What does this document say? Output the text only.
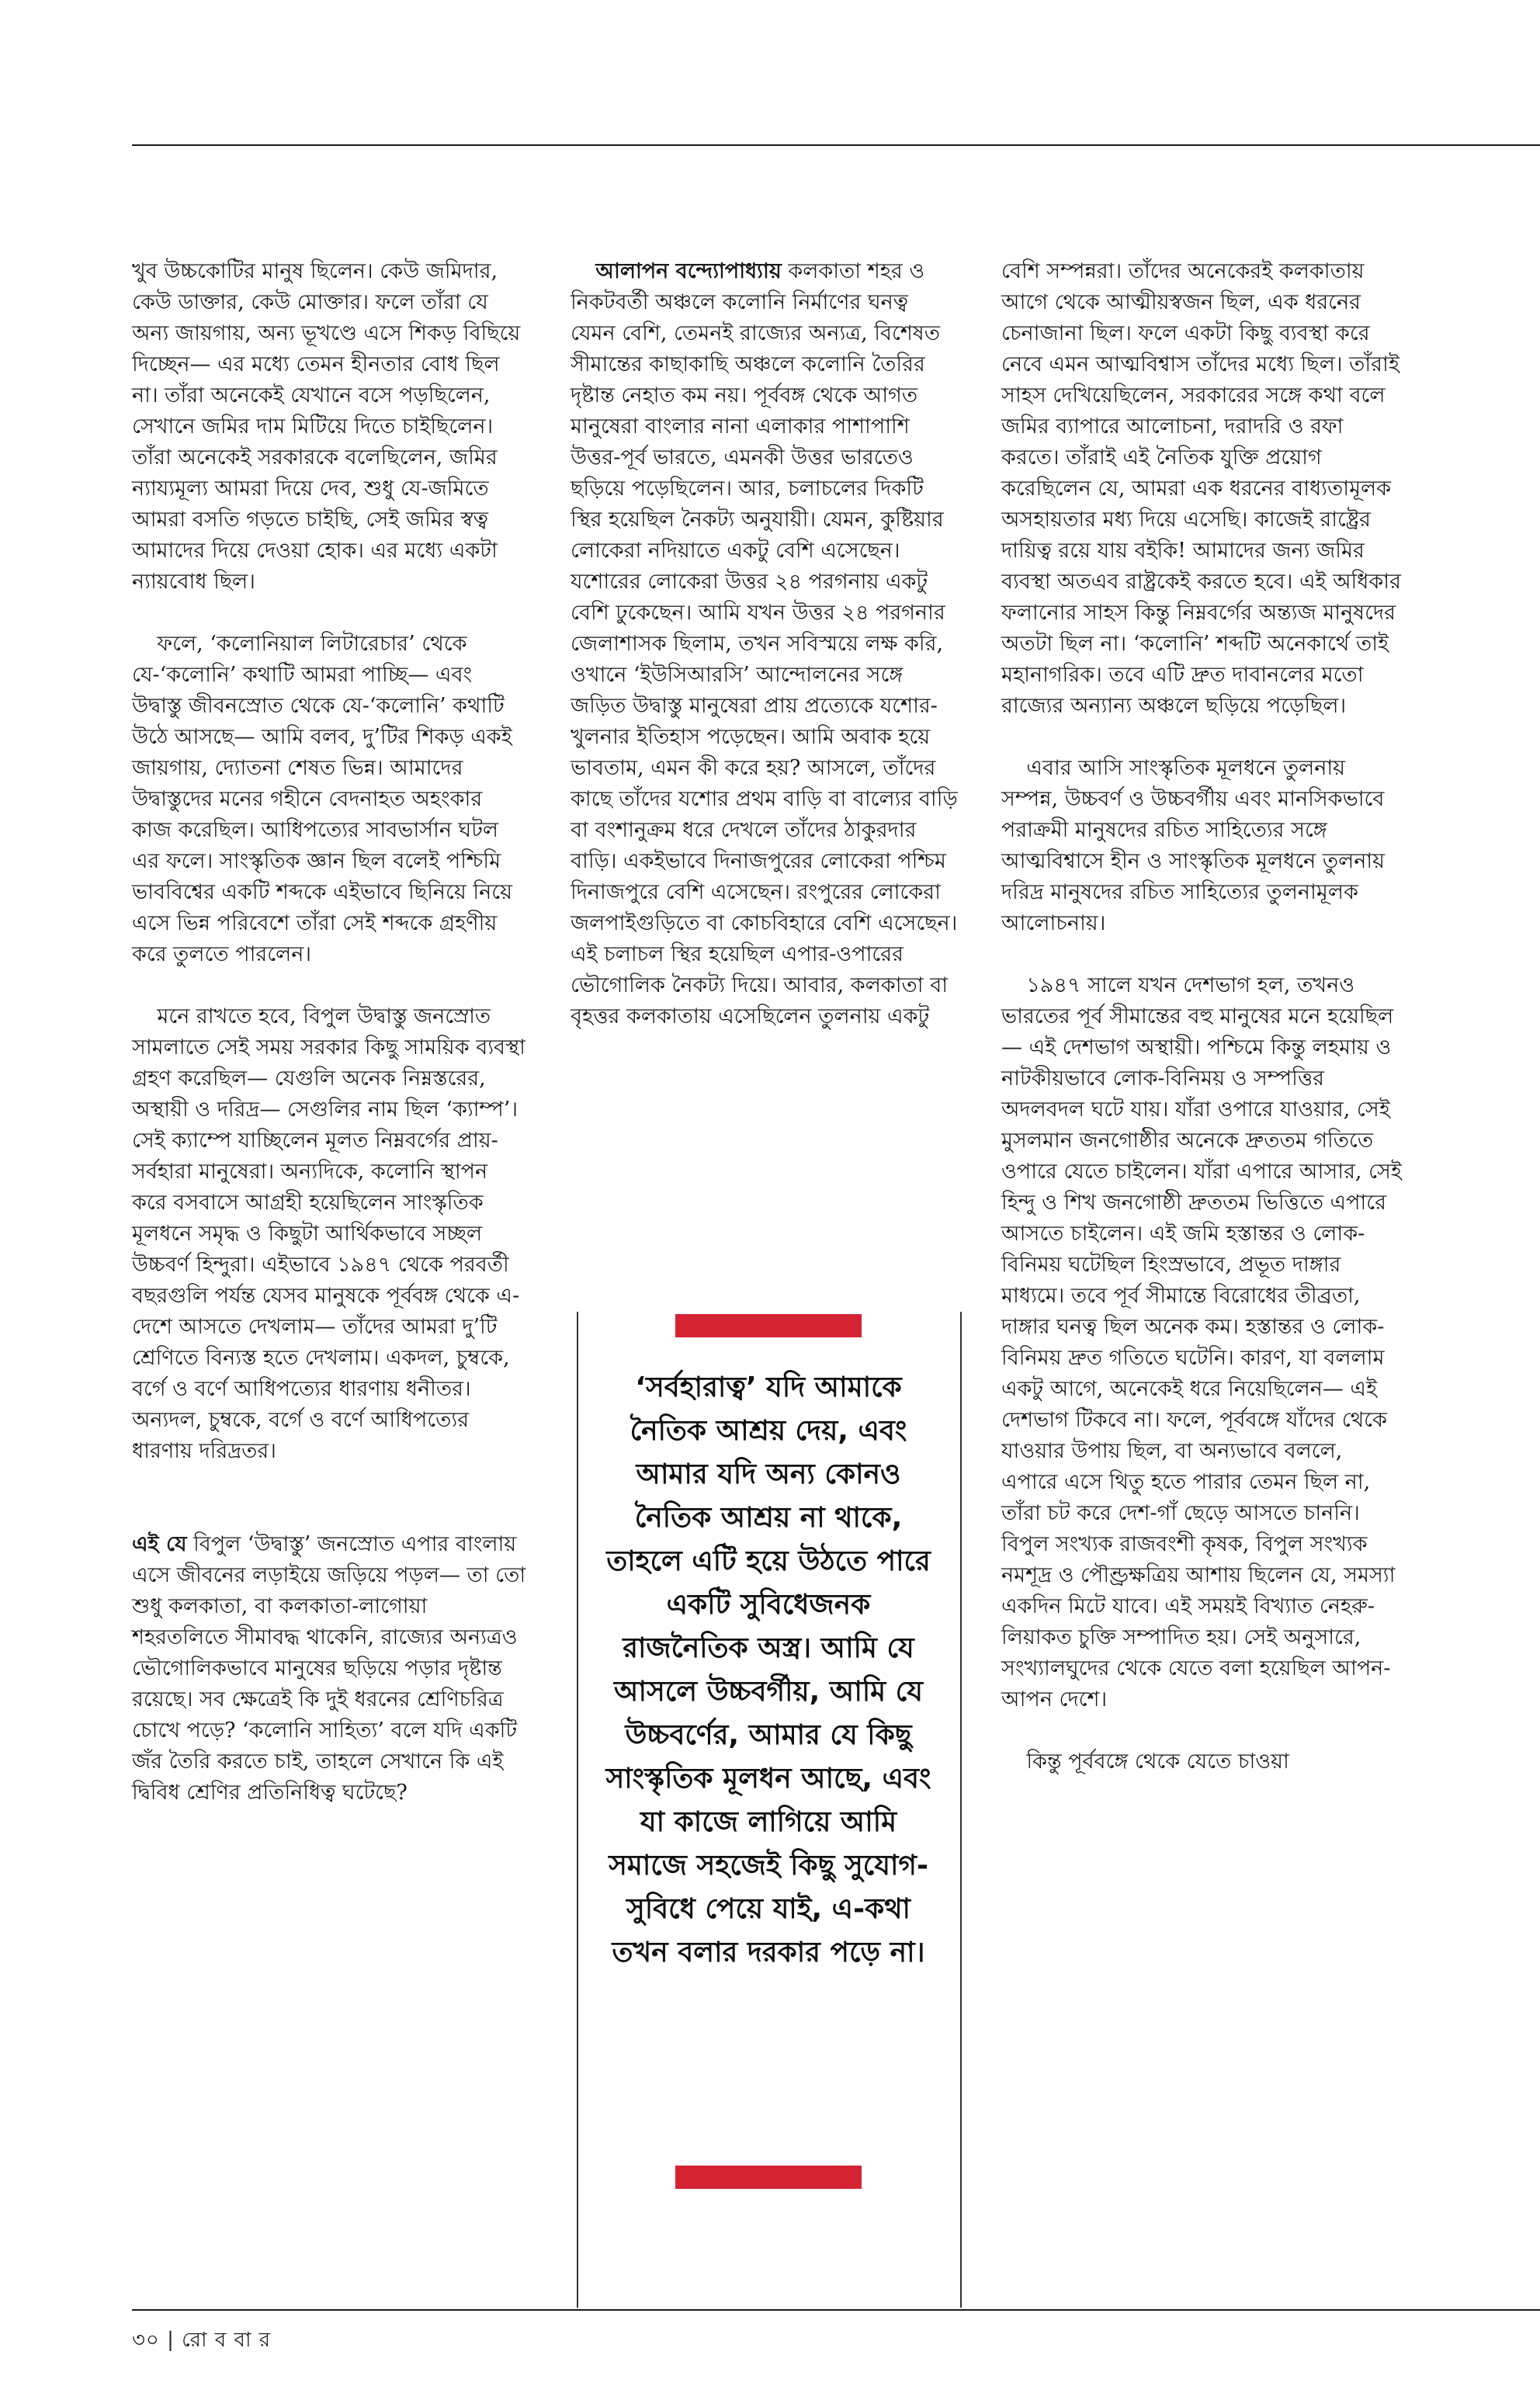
খুব উচ্চকোটির মানুষ ছিলেন। কেউ জমিদার, কেউ ডাক্তার, কেউ মোক্তার। ফলে তাঁরা যে অন্য জায়গায়, অন্য ভূখণ্ডে এসে শিকড় বিছিয়ে দিচ্ছেন— এর মধ্যে তেমন হীনতার বোধ ছিল না। তাঁরা অনেকেই যেখানে বসে পড়ছিলেন, সেখানে জমির দাম মিটিয়ে দিতে চাইছিলেন। তাঁরা অনেকেই সরকারকে বলেছিলেন, জমির ন্যায্যমূল্য আমরা দিয়ে দেব, শুধু যে-জমিতে আমরা বসতি গড়তে চাইছি, সেই জমির স্বত্ব আমাদের দিয়ে দেওয়া হোক। এর মধ্যে একটা ন্যায়বোধ ছিল।

ফলে, ‘কলোনিয়াল লিটারেচার’ থেকে যে-‘কলোনি’ কথাটি আমরা পাচ্ছি— এবং উদ্বাস্তু জীবনস্রোত থেকে যে-‘কলোনি’ কথাটি উঠে আসছে— আমি বলব, দু’টির শিকড় একই জায়গায়, দ্যোতনা শেষত ভিন্ন। আমাদের উদ্বাস্তুদের মনের গহীনে বেদনাহত অহংকার কাজ করেছিল। আধিপত্যের সাবভার্সান ঘটল এর ফলে। সাংস্কৃতিক জ্ঞান ছিল বলেই পশ্চিমি ভাববিশ্বের একটি শব্দকে এইভাবে ছিনিয়ে নিয়ে এসে ভিন্ন পরিবেশে তাঁরা সেই শব্দকে গ্রহণীয় করে তুলতে পারলেন।

মনে রাখতে হবে, বিপুল উদ্বাস্তু জনস্রোত সামলাতে সেই সময় সরকার কিছু সাময়িক ব্যবস্থা গ্রহণ করেছিল— যেগুলি অনেক নিম্নস্তরের, অস্থায়ী ও দরিদ্র— সেগুলির নাম ছিল ‘ক্যাম্প’। সেই ক্যাম্পে যাচ্ছিলেন মূলত নিম্নবর্গের প্রায়-সর্বহারা মানুষেরা। অন্যদিকে, কলোনি স্থাপন করে বসবাসে আগ্রহী হয়েছিলেন সাংস্কৃতিক মূলধনে সমৃদ্ধ ও কিছুটা আর্থিকভাবে সচ্ছল উচ্চবর্ণ হিন্দুরা। এইভাবে ১৯৪৭ থেকে পরবর্তী বছরগুলি পর্যন্ত যেসব মানুষকে পূর্ববঙ্গ থেকে এ-দেশে আসতে দেখলাম— তাঁদের আমরা দু’টি শ্রেণিতে বিন্যস্ত হতে দেখলাম। একদল, চুম্বকে, বর্গে ও বর্ণে আধিপত্যের ধারণায় ধনীতর। অন্যদল, চুম্বকে, বর্গে ও বর্ণে আধিপত্যের ধারণায় দরিদ্রতর।

এই যে বিপুল ‘উদ্বাস্তু’ জনস্রোত এপার বাংলায় এসে জীবনের লড়াইয়ে জড়িয়ে পড়ল— তা তো শুধু কলকাতা, বা কলকাতা-লাগোয়া শহরতলিতে সীমাবদ্ধ থাকেনি, রাজ্যের অন্যত্রও ভৌগোলিকভাবে মানুষের ছড়িয়ে পড়ার দৃষ্টান্ত রয়েছে। সব ক্ষেত্রেই কি দুই ধরনের শ্রেণিচরিত্র চোখে পড়ে? ‘কলোনি সাহিত্য’ বলে যদি একটি জঁর তৈরি করতে চাই, তাহলে সেখানে কি এই দ্বিবিধ শ্রেণির প্রতিনিধিত্ব ঘটেছে?

আলাপন বন্দ্যোপাধ্যায় কলকাতা শহর ও নিকটবর্তী অঞ্চলে কলোনি নির্মাণের ঘনত্ব যেমন বেশি, তেমনই রাজ্যের অন্যত্র, বিশেষত সীমান্তের কাছাকাছি অঞ্চলে কলোনি তৈরির দৃষ্টান্ত নেহাত কম নয়। পূর্ববঙ্গ থেকে আগত মানুষেরা বাংলার নানা এলাকার পাশাপাশি উত্তর-পূর্ব ভারতে, এমনকী উত্তর ভারতেও ছড়িয়ে পড়েছিলেন। আর, চলাচলের দিকটি স্থির হয়েছিল নৈকট্য অনুযায়ী। যেমন, কুষ্টিয়ার লোকেরা নদিয়াতে একটু বেশি এসেছেন। যশোরের লোকেরা উত্তর ২৪ পরগনায় একটু বেশি ঢুকেছেন। আমি যখন উত্তর ২৪ পরগনার জেলাশাসক ছিলাম, তখন সবিস্ময়ে লক্ষ করি, ওখানে ‘ইউসিআরসি’ আন্দোলনের সঙ্গে জড়িত উদ্বাস্তু মানুষেরা প্রায় প্রত্যেকে যশোর-খুলনার ইতিহাস পড়েছেন। আমি অবাক হয়ে ভাবতাম, এমন কী করে হয়? আসলে, তাঁদের কাছে তাঁদের যশোর প্রথম বাড়ি বা বাল্যের বাড়ি বা বংশানুক্রম ধরে দেখলে তাঁদের ঠাকুরদার বাড়ি। একইভাবে দিনাজপুরের লোকেরা পশ্চিম দিনাজপুরে বেশি এসেছেন। রংপুরের লোকেরা জলপাইগুড়িতে বা কোচবিহারে বেশি এসেছেন। এই চলাচল স্থির হয়েছিল এপার-ওপারের ভৌগোলিক নৈকট্য দিয়ে। আবার, কলকাতা বা বৃহত্তর কলকাতায় এসেছিলেন তুলনায় একটু

‘সর্বহারাত্ব’ যদি আমাকে নৈতিক আশ্রয় দেয়, এবং আমার যদি অন্য কোনও নৈতিক আশ্রয় না থাকে, তাহলে এটি হয়ে উঠতে পারে একটি সুবিধেজনক রাজনৈতিক অস্ত্র। আমি যে আসলে উচ্চবর্গীয়, আমি যে উচ্চবর্ণের, আমার যে কিছু সাংস্কৃতিক মূলধন আছে, এবং যা কাজে লাগিয়ে আমি সমাজে সহজেই কিছু সুযোগ-সুবিধে পেয়ে যাই, এ-কথা তখন বলার দরকার পড়ে না।

বেশি সম্পন্নরা। তাঁদের অনেকেরই কলকাতায় আগে থেকে আত্মীয়স্বজন ছিল, এক ধরনের চেনাজানা ছিল। ফলে একটা কিছু ব্যবস্থা করে নেবে এমন আত্মবিশ্বাস তাঁদের মধ্যে ছিল। তাঁরাই সাহস দেখিয়েছিলেন, সরকারের সঙ্গে কথা বলে জমির ব্যাপারে আলোচনা, দরাদরি ও রফা করতে। তাঁরাই এই নৈতিক যুক্তি প্রয়োগ করেছিলেন যে, আমরা এক ধরনের বাধ্যতামূলক অসহায়তার মধ্য দিয়ে এসেছি। কাজেই রাষ্ট্রের দায়িত্ব রয়ে যায় বইকি! আমাদের জন্য জমির ব্যবস্থা অতএব রাষ্ট্রকেই করতে হবে। এই অধিকার ফলানোর সাহস কিন্তু নিম্নবর্গের অন্ত্যজ মানুষদের অতটা ছিল না। ‘কলোনি’ শব্দটি অনেকার্থে তাই মহানাগরিক। তবে এটি দ্রুত দাবানলের মতো রাজ্যের অন্যান্য অঞ্চলে ছড়িয়ে পড়েছিল।

এবার আসি সাংস্কৃতিক মূলধনে তুলনায় সম্পন্ন, উচ্চবর্ণ ও উচ্চবর্গীয় এবং মানসিকভাবে পরাক্রমী মানুষদের রচিত সাহিত্যের সঙ্গে আত্মবিশ্বাসে হীন ও সাংস্কৃতিক মূলধনে তুলনায় দরিদ্র মানুষদের রচিত সাহিত্যের তুলনামূলক আলোচনায়।

১৯৪৭ সালে যখন দেশভাগ হল, তখনও ভারতের পূর্ব সীমান্তের বহু মানুষের মনে হয়েছিল— এই দেশভাগ অস্থায়ী। পশ্চিমে কিন্তু লহমায় ও নাটকীয়ভাবে লোক-বিনিময় ও সম্পত্তির অদলবদল ঘটে যায়। যাঁরা ওপারে যাওয়ার, সেই মুসলমান জনগোষ্ঠীর অনেকে দ্রুততম গতিতে ওপারে যেতে চাইলেন। যাঁরা এপারে আসার, সেই হিন্দু ও শিখ জনগোষ্ঠী দ্রুততম ভিত্তিতে এপারে আসতে চাইলেন। এই জমি হস্তান্তর ও লোক-বিনিময় ঘটেছিল হিংস্রভাবে, প্রভূত দাঙ্গার মাধ্যমে। তবে পূর্ব সীমান্তে বিরোধের তীব্রতা, দাঙ্গার ঘনত্ব ছিল অনেক কম। হস্তান্তর ও লোক-বিনিময় দ্রুত গতিতে ঘটেনি। কারণ, যা বললাম একটু আগে, অনেকেই ধরে নিয়েছিলেন— এই দেশভাগ টিকবে না। ফলে, পূর্ববঙ্গে যাঁদের থেকে যাওয়ার উপায় ছিল, বা অন্যভাবে বললে, এপারে এসে থিতু হতে পারার তেমন ছিল না, তাঁরা চট করে দেশ-গাঁ ছেড়ে আসতে চাননি। বিপুল সংখ্যক রাজবংশী কৃষক, বিপুল সংখ্যক নমশূদ্র ও পৌণ্ড্রক্ষত্রিয় আশায় ছিলেন যে, সমস্যা একদিন মিটে যাবে। এই সময়ই বিখ্যাত নেহরু-লিয়াকত চুক্তি সম্পাদিত হয়। সেই অনুসারে, সংখ্যালঘুদের থেকে যেতে বলা হয়েছিল আপন-আপন দেশে।

কিন্তু পূর্ববঙ্গে থেকে যেতে চাওয়া

৩০ | রো ব বা র
